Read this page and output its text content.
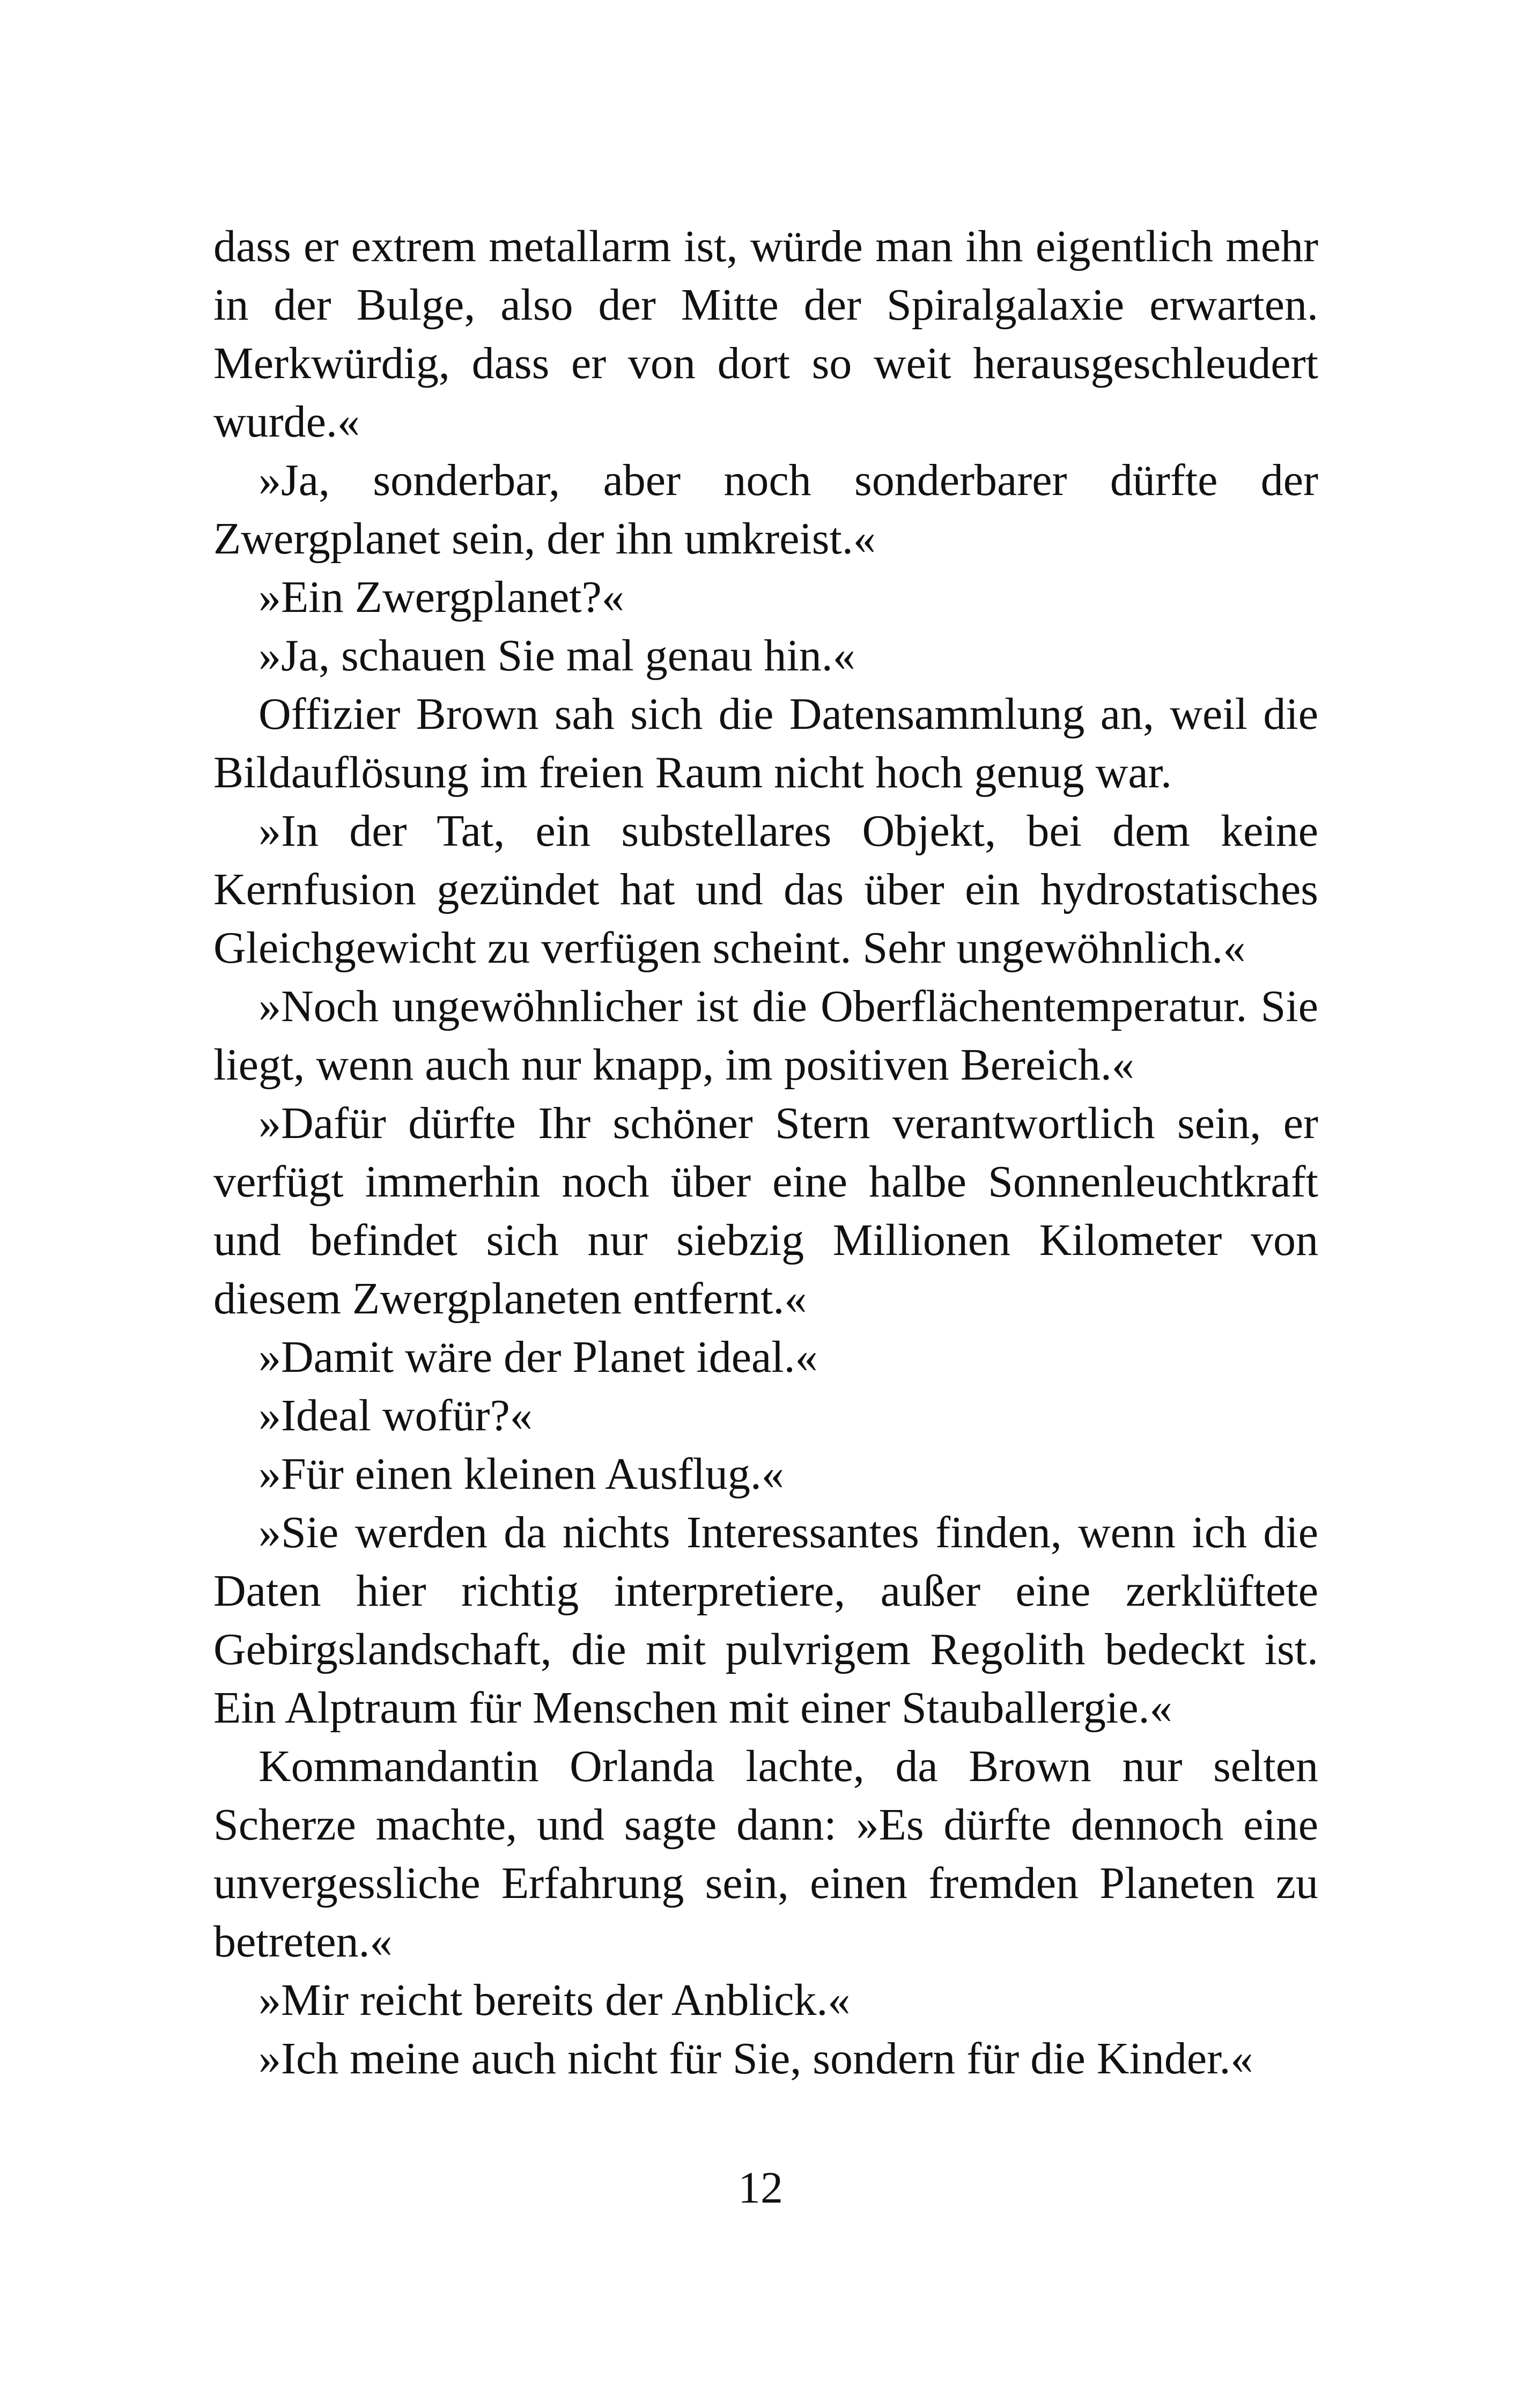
dass er extrem metallarm ist, würde man ihn eigentlich mehr in der Bulge, also der Mitte der Spiralgalaxie erwarten. Merkwürdig, dass er von dort so weit herausgeschleudert wurde.«

»Ja, sonderbar, aber noch sonderbarer dürfte der Zwergplanet sein, der ihn umkreist.«

»Ein Zwergplanet?«

»Ja, schauen Sie mal genau hin.«

Offizier Brown sah sich die Datensammlung an, weil die Bildauflösung im freien Raum nicht hoch genug war.

»In der Tat, ein substellares Objekt, bei dem keine Kernfusion gezündet hat und das über ein hydrostatisches Gleichgewicht zu verfügen scheint. Sehr ungewöhnlich.«

»Noch ungewöhnlicher ist die Oberflächentemperatur. Sie liegt, wenn auch nur knapp, im positiven Bereich.«

»Dafür dürfte Ihr schöner Stern verantwortlich sein, er verfügt immerhin noch über eine halbe Sonnenleuchtkraft und befindet sich nur siebzig Millionen Kilometer von diesem Zwergplaneten entfernt.«

»Damit wäre der Planet ideal.«

»Ideal wofür?«

»Für einen kleinen Ausflug.«

»Sie werden da nichts Interessantes finden, wenn ich die Daten hier richtig interpretiere, außer eine zerklüftete Gebirgslandschaft, die mit pulvrigem Regolith bedeckt ist. Ein Alptraum für Menschen mit einer Stauballergie.«

Kommandantin Orlanda lachte, da Brown nur selten Scherze machte, und sagte dann: »Es dürfte dennoch eine unvergessliche Erfahrung sein, einen fremden Planeten zu betreten.«

»Mir reicht bereits der Anblick.«

»Ich meine auch nicht für Sie, sondern für die Kinder.«

12
